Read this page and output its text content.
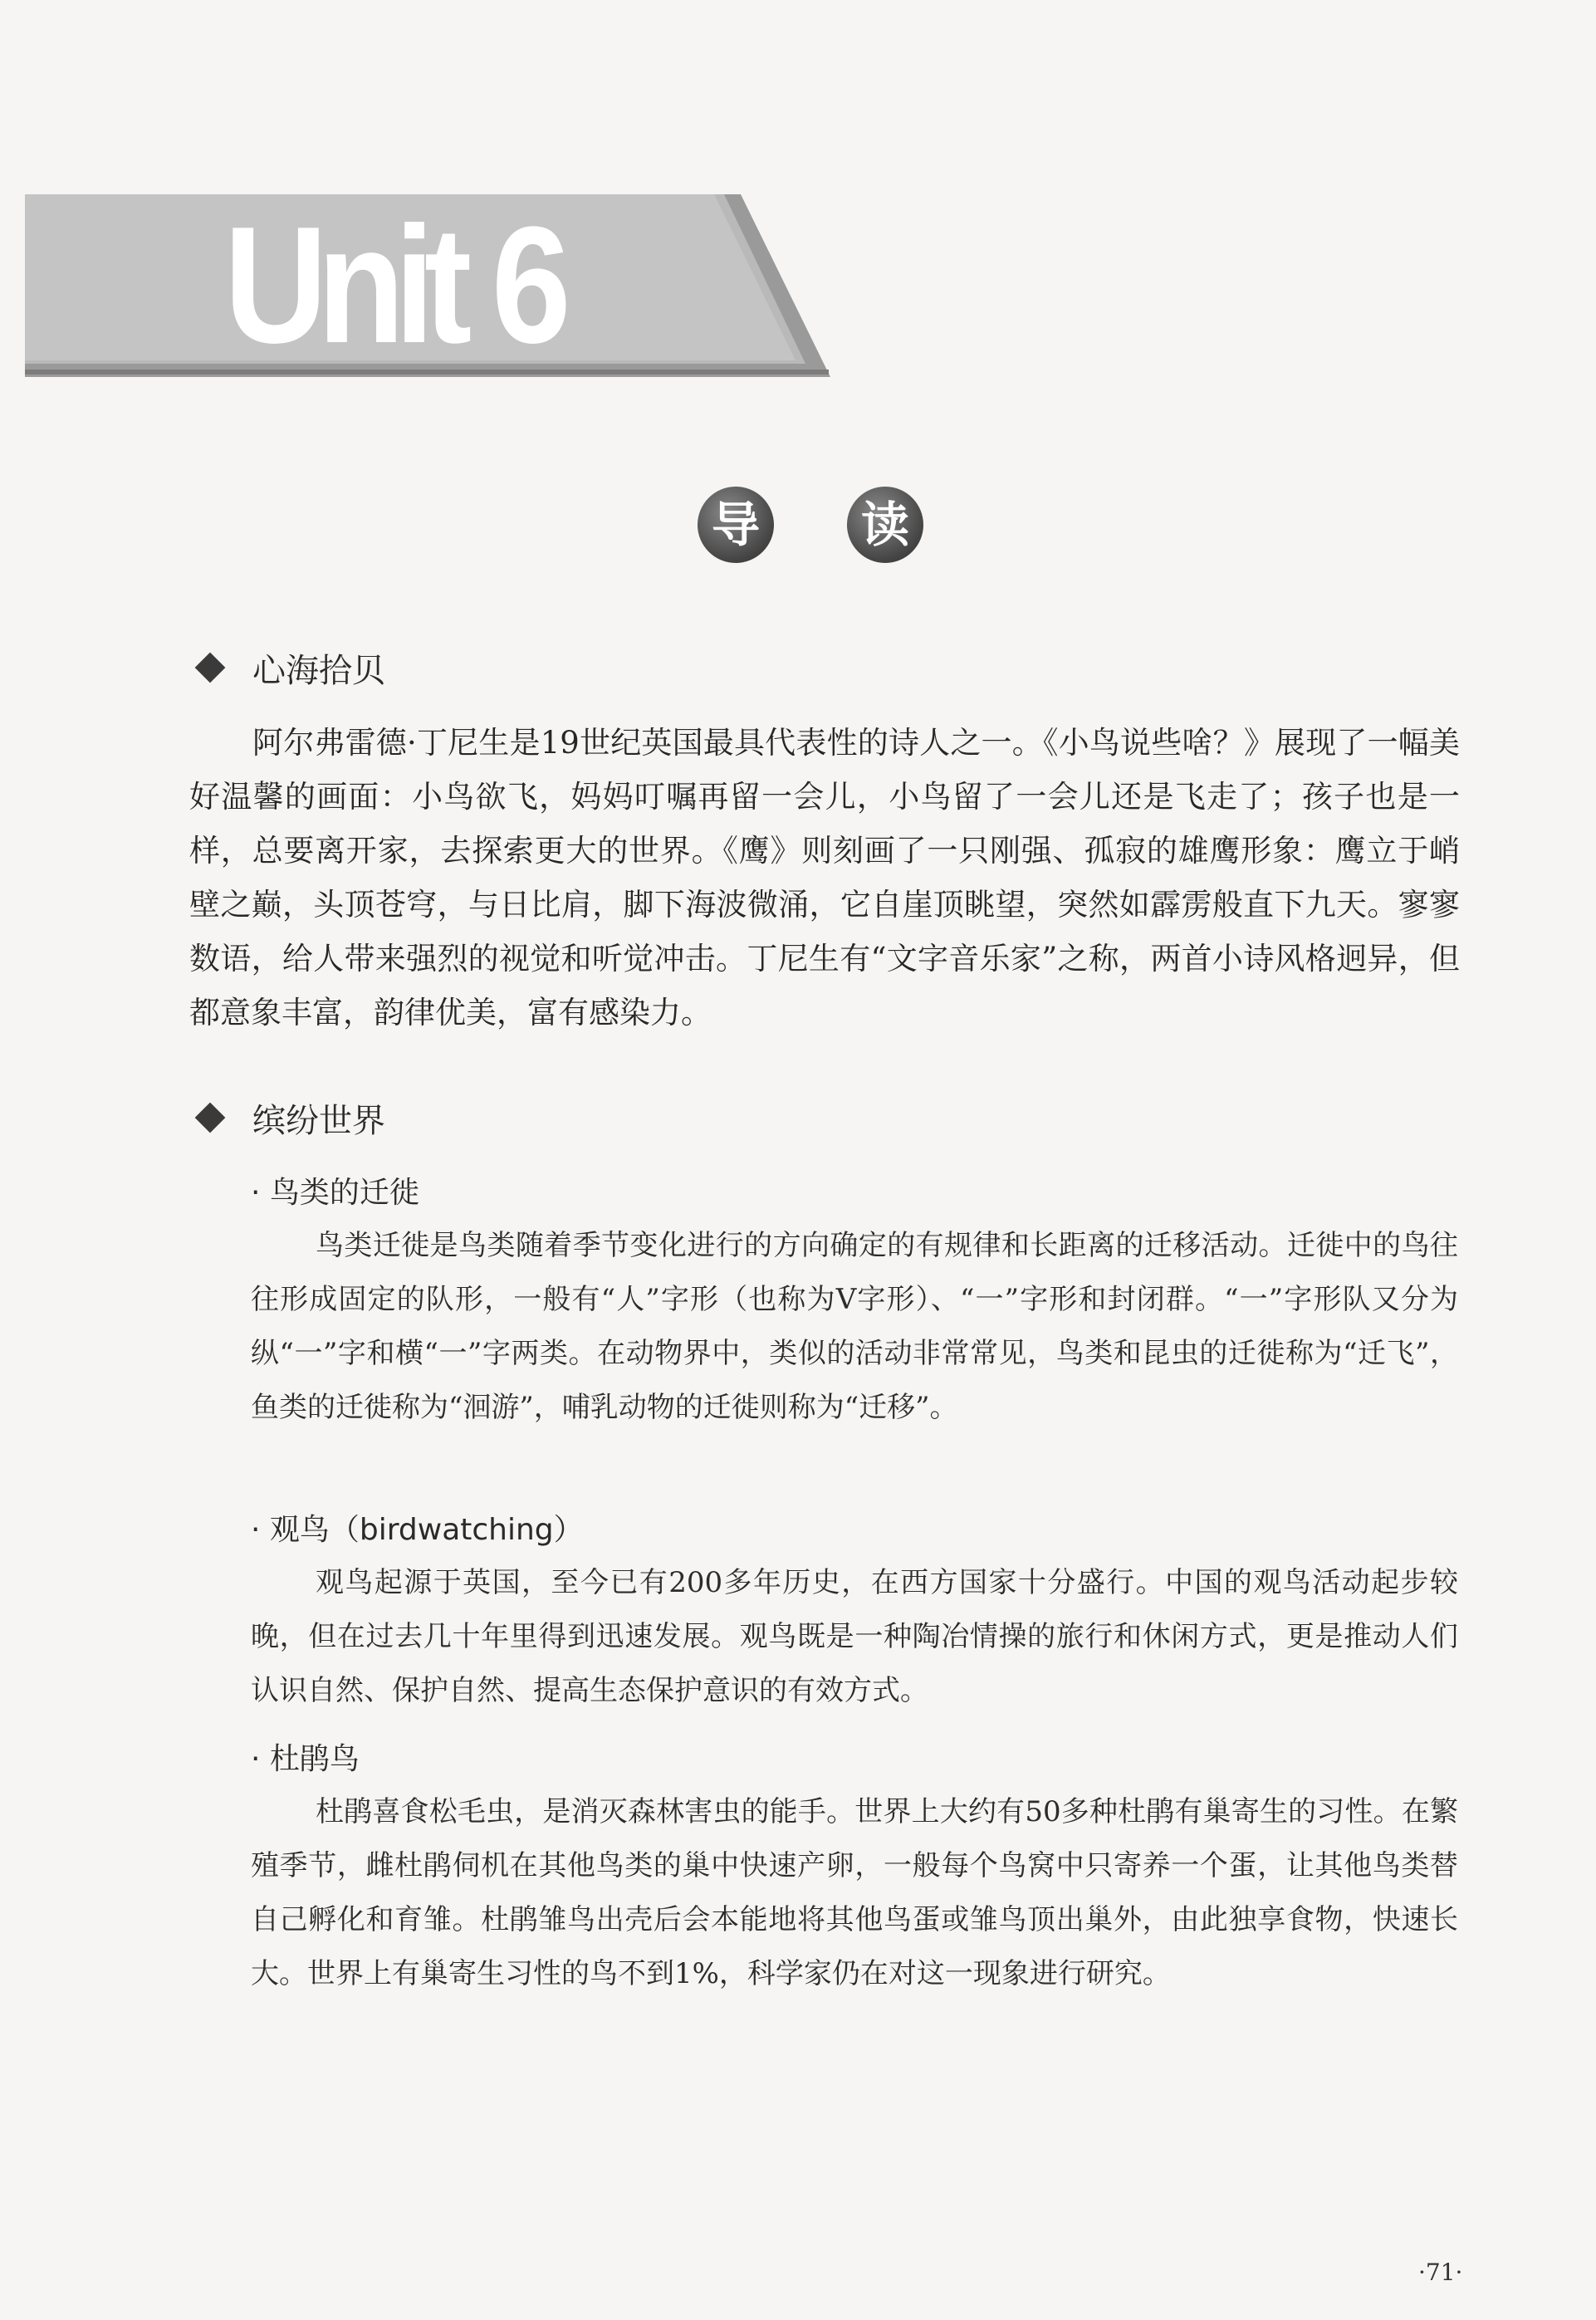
Unit 6
导 读
心海拾贝

阿尔弗雷德·丁尼生是19世纪英国最具代表性的诗人之一。《小鸟说些啥？》展现了一幅美好温馨的画面：小鸟欲飞，妈妈叮嘱再留一会儿，小鸟留了一会儿还是飞走了；孩子也是一样，总要离开家，去探索更大的世界。《鹰》则刻画了一只刚强、孤寂的雄鹰形象：鹰立于峭壁之巅，头顶苍穹，与日比肩，脚下海波微涌，它自崖顶眺望，突然如霹雳般直下九天。寥寥数语，给人带来强烈的视觉和听觉冲击。丁尼生有“文字音乐家”之称，两首小诗风格迥异，但都意象丰富，韵律优美，富有感染力。

缤纷世界
· 鸟类的迁徙

鸟类迁徙是鸟类随着季节变化进行的方向确定的有规律和长距离的迁移活动。迁徙中的鸟往往形成固定的队形，一般有“人”字形（也称为V字形）、“一”字形和封闭群。“一”字形队又分为纵“一”字和横“一”字两类。在动物界中，类似的活动非常常见，鸟类和昆虫的迁徙称为“迁飞”，鱼类的迁徙称为“洄游”，哺乳动物的迁徙则称为“迁移”。

· 观鸟（birdwatching）

观鸟起源于英国，至今已有200多年历史，在西方国家十分盛行。中国的观鸟活动起步较晚，但在过去几十年里得到迅速发展。观鸟既是一种陶冶情操的旅行和休闲方式，更是推动人们认识自然、保护自然、提高生态保护意识的有效方式。

· 杜鹃鸟

杜鹃喜食松毛虫，是消灭森林害虫的能手。世界上大约有50多种杜鹃有巢寄生的习性。在繁殖季节，雌杜鹃伺机在其他鸟类的巢中快速产卵，一般每个鸟窝中只寄养一个蛋，让其他鸟类替自己孵化和育雏。杜鹃雏鸟出壳后会本能地将其他鸟蛋或雏鸟顶出巢外，由此独享食物，快速长大。世界上有巢寄生习性的鸟不到1%，科学家仍在对这一现象进行研究。

·71·
